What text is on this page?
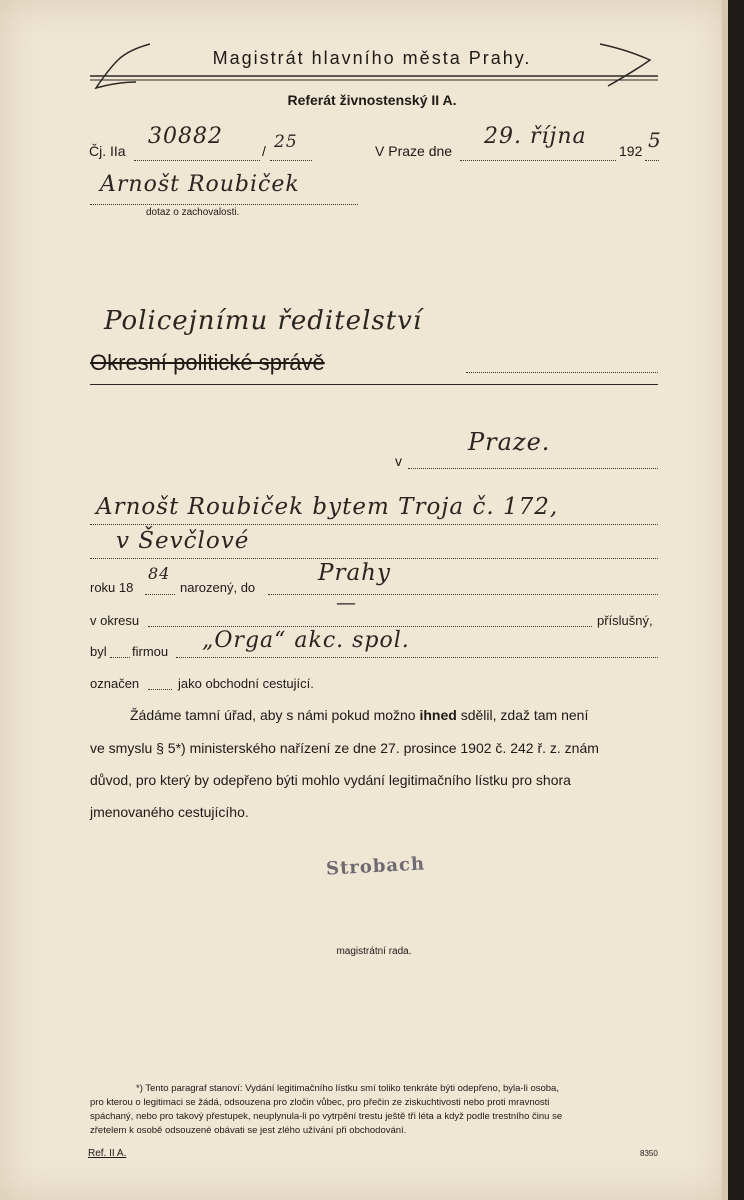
Magistrát hlavního města Prahy.
Referát živnostenský II A.
Čj. IIa
30882
/ 25	V Praze dne
29. října
192 5
Arnošt Roubiček
dotaz o zachovalosti.
Policejnímu ředitelství
Okresní politické správě
v
Praze.
Arnošt Roubiček bytem Troja č. 172,
v Ševčlové
roku 18
84
narozený, do
Prahy
v okresu
—
příslušný,
byl firmou „Orga“ akc. spol.
označen	jako obchodní cestující.
Žádáme tamní úřad, aby s námi pokud možno ihned sdělil, zdaž tam není
ve smyslu § 5*) ministerského nařízení ze dne 27. prosince 1902 č. 242 ř. z. znám
důvod, pro který by odepřeno býti mohlo vydání legitimačního lístku pro shora
jmenovaného cestujícího.
Strobach
magistrátní rada.
*) Tento paragraf stanoví: Vydání legitimačního lístku smí toliko tenkráte býti odepřeno, byla-li osoba,
pro kterou o legitimaci se žádá, odsouzena pro zločin vůbec, pro přečin ze ziskuchtivosti nebo proti mravnosti
spáchaný, nebo pro takový přestupek, neuplynula-li po vytrpění trestu ještě tři léta a když podle trestního činu se
zřetelem k osobě odsouzené obávati se jest zlého užívání při obchodování.
Ref. II A.	8350
